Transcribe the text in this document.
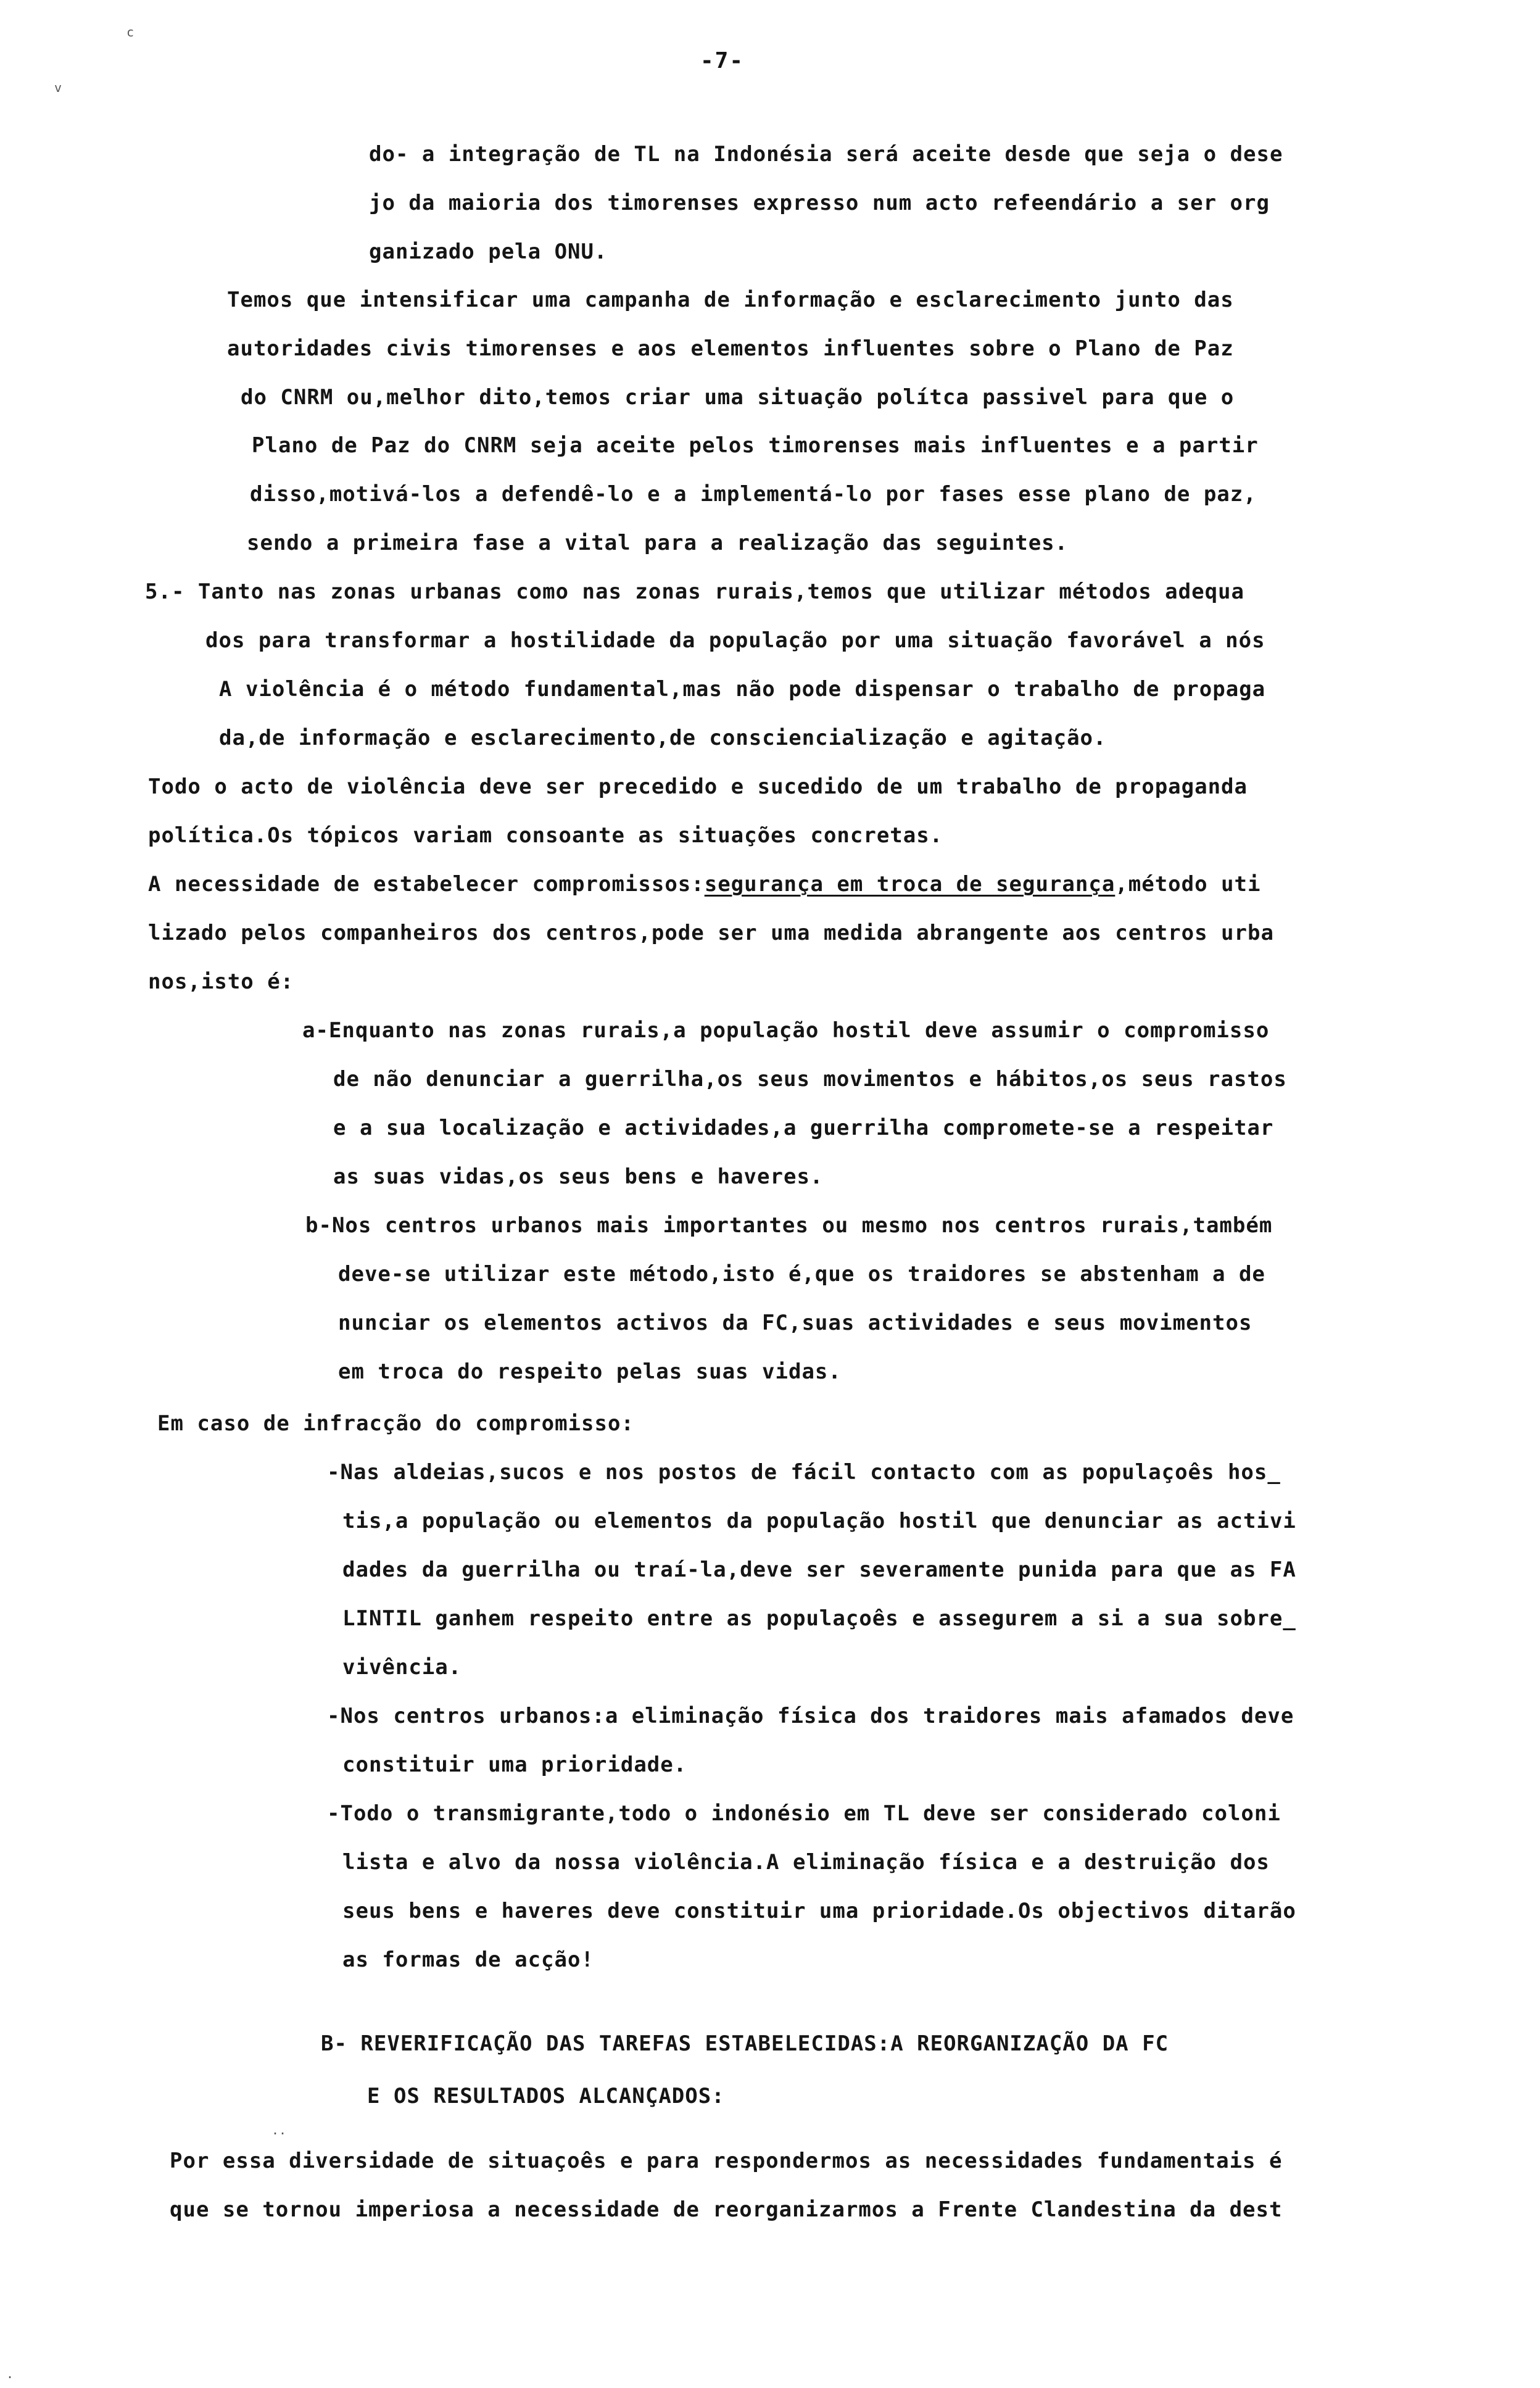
c
v
-7-
do- a integração de TL na Indonésia será aceite desde que seja o dese
jo da maioria dos timorenses expresso num acto refeendário a ser org
ganizado pela ONU.
Temos que intensificar uma campanha de informação e esclarecimento junto das
autoridades civis timorenses e aos elementos influentes sobre o Plano de Paz
do CNRM ou,melhor dito,temos criar uma situação polítca passivel para que o
Plano de Paz do CNRM seja aceite pelos timorenses mais influentes e a partir
disso,motivá-los a defendê-lo e a implementá-lo por fases esse plano de paz,
sendo a primeira fase a vital para a realização das seguintes.
5.- Tanto nas zonas urbanas como nas zonas rurais,temos que utilizar métodos adequa
dos para transformar a hostilidade da população por uma situação favorável a nós
A violência é o método fundamental,mas não pode dispensar o trabalho de propaga
da,de informação e esclarecimento,de consciencialização e agitação.
Todo o acto de violência deve ser precedido e sucedido de um trabalho de propaganda
política.Os tópicos variam consoante as situações concretas.
A necessidade de estabelecer compromissos:segurança em troca de segurança,método uti
lizado pelos companheiros dos centros,pode ser uma medida abrangente aos centros urba
nos,isto é:
a-Enquanto nas zonas rurais,a população hostil deve assumir o compromisso
de não denunciar a guerrilha,os seus movimentos e hábitos,os seus rastos
e a sua localização e actividades,a guerrilha compromete-se a respeitar
as suas vidas,os seus bens e haveres.
b-Nos centros urbanos mais importantes ou mesmo nos centros rurais,também
deve-se utilizar este método,isto é,que os traidores se abstenham a de
nunciar os elementos activos da FC,suas actividades e seus movimentos
em troca do respeito pelas suas vidas.
Em caso de infracção do compromisso:
-Nas aldeias,sucos e nos postos de fácil contacto com as populaçoês hos_
tis,a população ou elementos da população hostil que denunciar as activi
dades da guerrilha ou traí-la,deve ser severamente punida para que as FA
LINTIL ganhem respeito entre as populaçoês e assegurem a si a sua sobre_
vivência.
-Nos centros urbanos:a eliminação física dos traidores mais afamados deve
constituir uma prioridade.
-Todo o transmigrante,todo o indonésio em TL deve ser considerado coloni
lista e alvo da nossa violência.A eliminação física e a destruição dos
seus bens e haveres deve constituir uma prioridade.Os objectivos ditarão
as formas de acção!
B- REVERIFICAÇÃO DAS TAREFAS ESTABELECIDAS:A REORGANIZAÇÃO DA FC
E OS RESULTADOS ALCANÇADOS:
Por essa diversidade de situaçoês e para respondermos as necessidades fundamentais é
que se tornou imperiosa a necessidade de reorganizarmos a Frente Clandestina da dest
..
.
